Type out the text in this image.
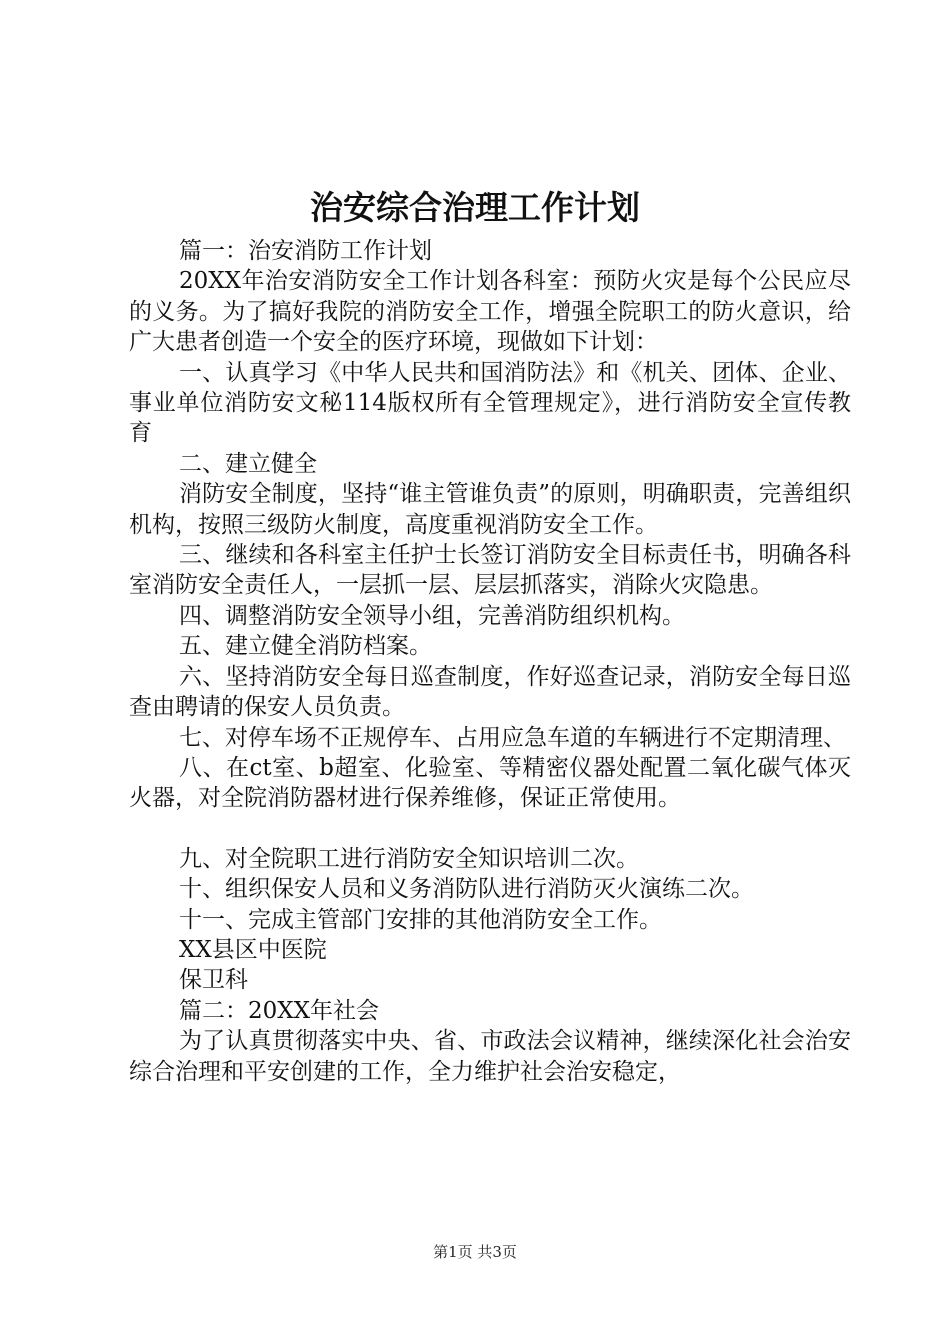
治安综合治理工作计划

篇一：治安消防工作计划

20XX年治安消防安全工作计划各科室：预防火灾是每个公民应尽的义务。为了搞好我院的消防安全工作，增强全院职工的防火意识，给广大患者创造一个安全的医疗环境，现做如下计划：

一、认真学习《中华人民共和国消防法》和《机关、团体、企业、事业单位消防安文秘114版权所有全管理规定》，进行消防安全宣传教育

二、建立健全

消防安全制度，坚持“谁主管谁负责”的原则，明确职责，完善组织机构，按照三级防火制度，高度重视消防安全工作。

三、继续和各科室主任护士长签订消防安全目标责任书，明确各科室消防安全责任人，一层抓一层、层层抓落实，消除火灾隐患。

四、调整消防安全领导小组，完善消防组织机构。

五、建立健全消防档案。

六、坚持消防安全每日巡查制度，作好巡查记录，消防安全每日巡查由聘请的保安人员负责。

七、对停车场不正规停车、占用应急车道的车辆进行不定期清理、

八、在ct室、b超室、化验室、等精密仪器处配置二氧化碳气体灭火器，对全院消防器材进行保养维修，保证正常使用。

九、对全院职工进行消防安全知识培训二次。

十、组织保安人员和义务消防队进行消防灭火演练二次。

十一、完成主管部门安排的其他消防安全工作。

XX县区中医院

保卫科

篇二：20XX年社会

为了认真贯彻落实中央、省、市政法会议精神，继续深化社会治安综合治理和平安创建的工作，全力维护社会治安稳定，

第1页 共3页
